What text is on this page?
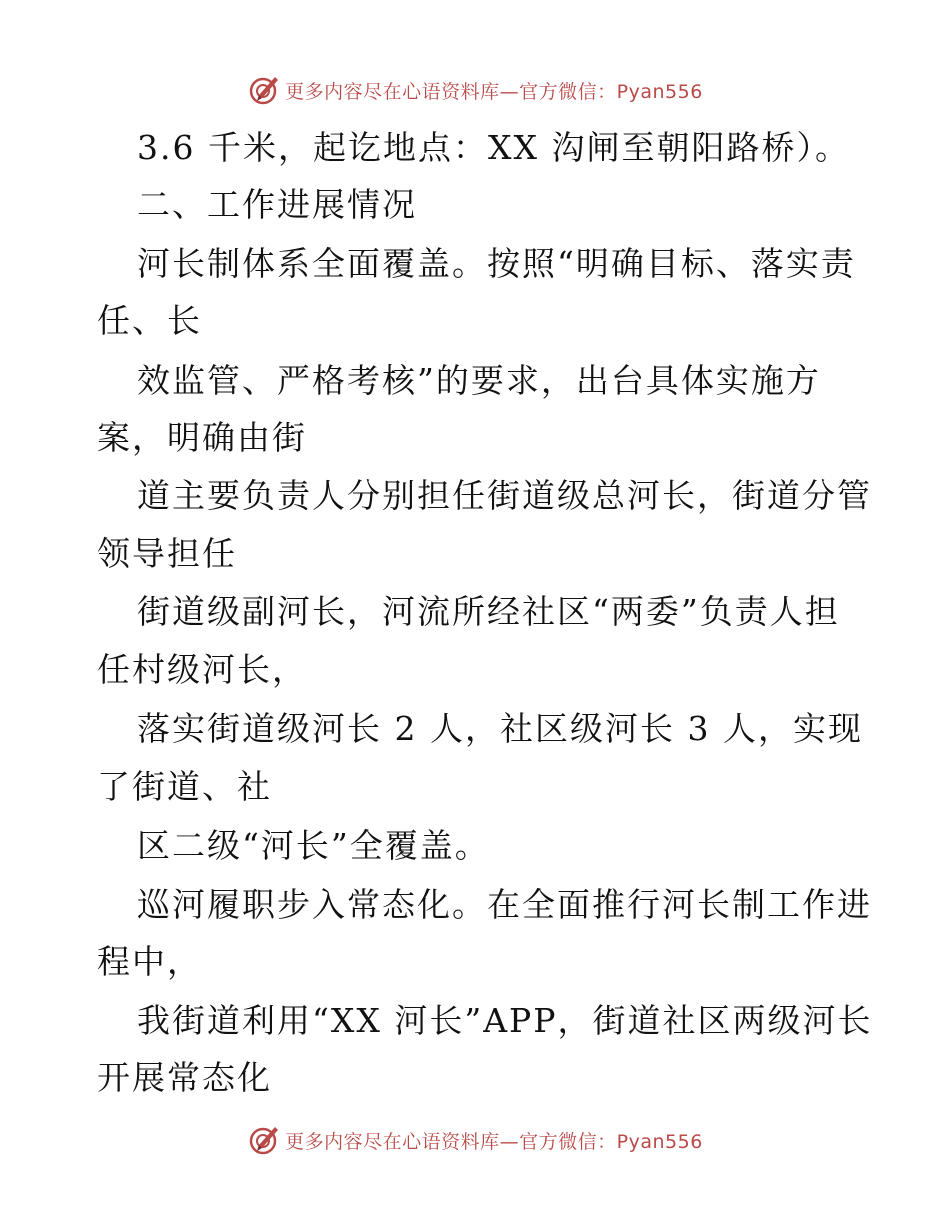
更多内容尽在心语资料库—官方微信：Pyan556
3.6 千米，起讫地点：XX 沟闸至朝阳路桥）。
二、工作进展情况
河长制体系全面覆盖。按照“明确目标、落实责
任、长
效监管、严格考核”的要求，出台具体实施方
案，明确由街
道主要负责人分别担任街道级总河长，街道分管
领导担任
街道级副河长，河流所经社区“两委”负责人担
任村级河长，
落实街道级河长 2 人，社区级河长 3 人，实现
了街道、社
区二级“河长”全覆盖。
巡河履职步入常态化。在全面推行河长制工作进
程中，
我街道利用“XX 河长”APP，街道社区两级河长
开展常态化
更多内容尽在心语资料库—官方微信：Pyan556
